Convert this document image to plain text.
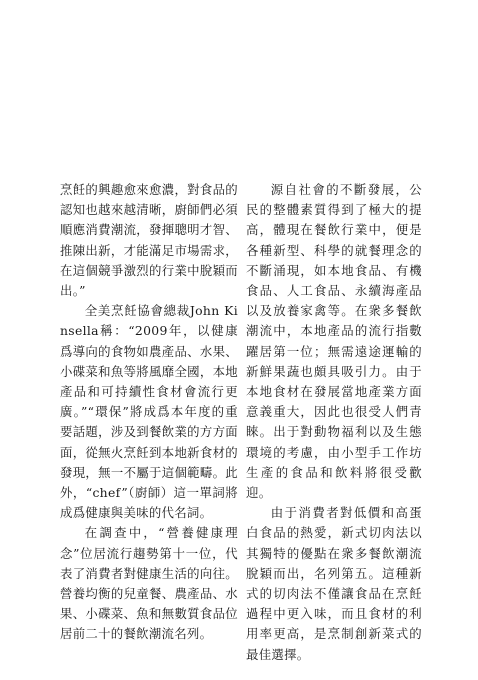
烹飪的興趣愈來愈濃，對食品的認知也越來越清晰，廚師們必須順應消費潮流，發揮聰明才智、推陳出新，才能滿足市場需求，在這個競爭激烈的行業中脫穎而出。”

全美烹飪協會總裁John Kinsella稱：“2009年，以健康爲導向的食物如農產品、水果、小碟菜和魚等將風靡全國，本地產品和可持續性食材會流行更廣。”“環保”將成爲本年度的重要話題，涉及到餐飲業的方方面面，從無火烹飪到本地新食材的發現，無一不屬于這個範疇。此外，“chef”（廚師）這一單詞將成爲健康與美味的代名詞。

在調查中，“營養健康理念”位居流行趨勢第十一位，代表了消費者對健康生活的向往。營養均衡的兒童餐、農產品、水果、小碟菜、魚和無數質食品位居前二十的餐飲潮流名列。

源自社會的不斷發展，公民的整體素質得到了極大的提高，體現在餐飲行業中，便是各種新型、科學的就餐理念的不斷涌現，如本地食品、有機食品、人工食品、永續海產品以及放養家禽等。在衆多餐飲潮流中，本地產品的流行指數躍居第一位；無需遠途運輸的新鮮果蔬也頗具吸引力。由于本地食材在發展當地產業方面意義重大，因此也很受人們青睞。出于對動物福利以及生態環境的考慮，由小型手工作坊生產的食品和飲料將很受歡迎。

由于消費者對低價和高蛋白食品的熱愛，新式切肉法以其獨特的優點在衆多餐飲潮流脫穎而出，名列第五。這種新式的切肉法不僅讓食品在烹飪過程中更入味，而且食材的利用率更高，是烹制創新菜式的最佳選擇。
